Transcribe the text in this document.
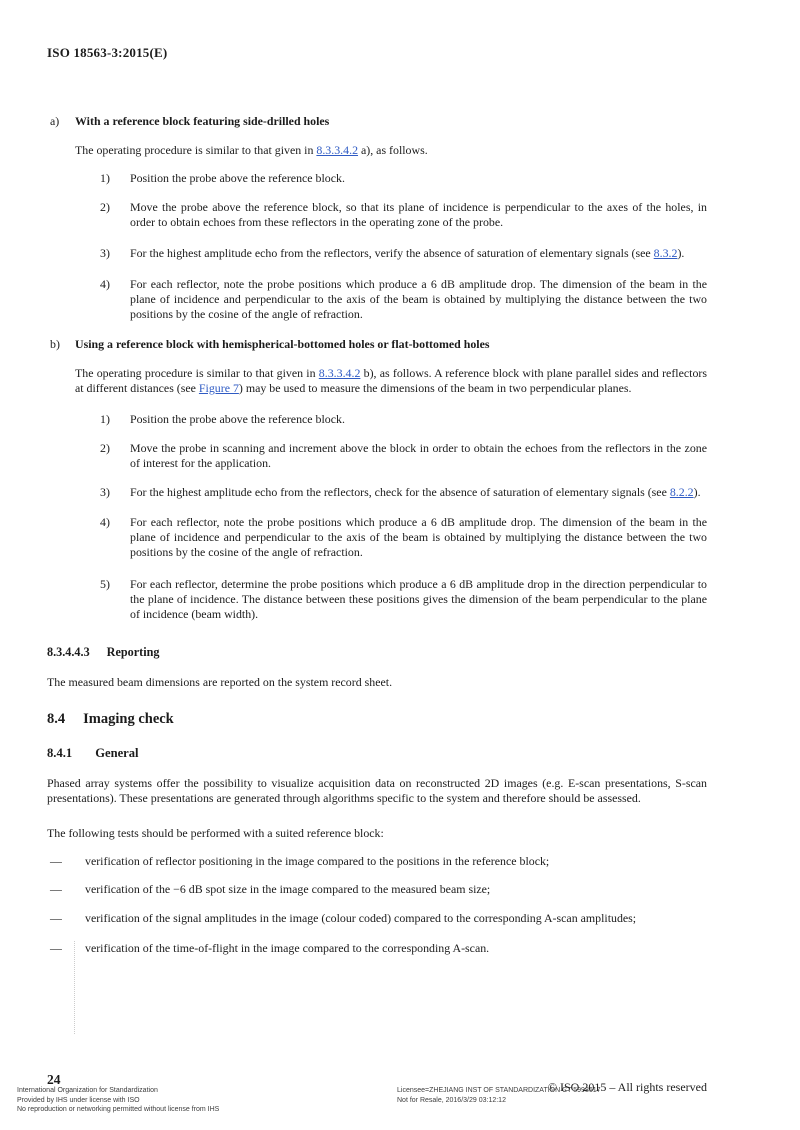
ISO 18563-3:2015(E)
a)	With a reference block featuring side-drilled holes
The operating procedure is similar to that given in 8.3.3.4.2 a), as follows.
1)	Position the probe above the reference block.
2)	Move the probe above the reference block, so that its plane of incidence is perpendicular to the axes of the holes, in order to obtain echoes from these reflectors in the operating zone of the probe.
3)	For the highest amplitude echo from the reflectors, verify the absence of saturation of elementary signals (see 8.3.2).
4)	For each reflector, note the probe positions which produce a 6 dB amplitude drop. The dimension of the beam in the plane of incidence and perpendicular to the axis of the beam is obtained by multiplying the distance between the two positions by the cosine of the angle of refraction.
b)	Using a reference block with hemispherical-bottomed holes or flat-bottomed holes
The operating procedure is similar to that given in 8.3.3.4.2 b), as follows. A reference block with plane parallel sides and reflectors at different distances (see Figure 7) may be used to measure the dimensions of the beam in two perpendicular planes.
1)	Position the probe above the reference block.
2)	Move the probe in scanning and increment above the block in order to obtain the echoes from the reflectors in the zone of interest for the application.
3)	For the highest amplitude echo from the reflectors, check for the absence of saturation of elementary signals (see 8.2.2).
4)	For each reflector, note the probe positions which produce a 6 dB amplitude drop. The dimension of the beam in the plane of incidence and perpendicular to the axis of the beam is obtained by multiplying the distance between the two positions by the cosine of the angle of refraction.
5)	For each reflector, determine the probe positions which produce a 6 dB amplitude drop in the direction perpendicular to the plane of incidence. The distance between these positions gives the dimension of the beam perpendicular to the plane of incidence (beam width).
8.3.4.4.3 Reporting
The measured beam dimensions are reported on the system record sheet.
8.4 Imaging check
8.4.1 General
Phased array systems offer the possibility to visualize acquisition data on reconstructed 2D images (e.g. E-scan presentations, S-scan presentations). These presentations are generated through algorithms specific to the system and therefore should be assessed.
The following tests should be performed with a suited reference block:
—	verification of reflector positioning in the image compared to the positions in the reference block;
—	verification of the −6 dB spot size in the image compared to the measured beam size;
—	verification of the signal amplitudes in the image (colour coded) compared to the corresponding A-scan amplitudes;
—	verification of the time-of-flight in the image compared to the corresponding A-scan.
24
International Organization for Standardization
Provided by IHS under license with ISO
No reproduction or networking permitted without license from IHS
Licensee=ZHEJIANG INST OF STANDARDIZATION CT 5998617
Not for Resale, 2016/3/29 03:12:12
© ISO 2015 – All rights reserved
